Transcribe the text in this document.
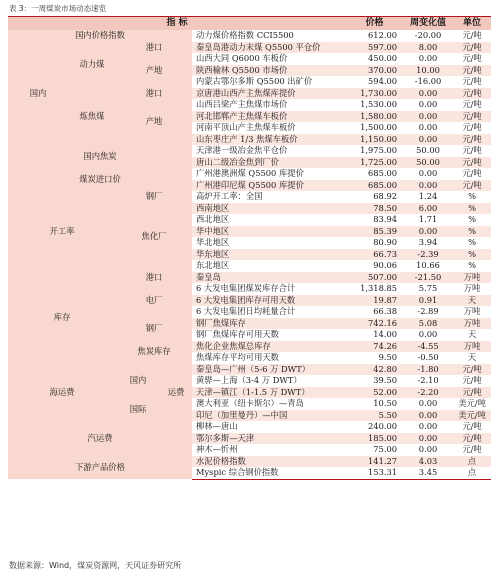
表 3：一周煤炭市场动态速览
指 标					价格	周变化值	单位
国内价格指数				动力煤价格指数 CCI5500	612.00	-20.00	元/吨
国内	动力煤	港口		秦皇岛港动力末煤 Q5500 平仓价	597.00	8.00	元/吨
		产地		山西大同 Q6000 车板价	450.00	0.00	元/吨
				陕西榆林 Q5500 市场价	370.00	10.00	元/吨
				内蒙古鄂尔多斯 Q5500 出矿价	594.00	-16.00	元/吨
	炼焦煤	港口		京唐港山西产主焦煤库提价	1,730.00	0.00	元/吨
		产地		山西吕梁产主焦煤市场价	1,530.00	0.00	元/吨
				河北邯郸产主焦煤车板价	1,580.00	0.00	元/吨
				河南平顶山产主焦煤车板价	1,500.00	0.00	元/吨
				山东枣庄产 1/3 焦煤车板价	1,150.00	0.00	元/吨
国内焦炭				天津港一级冶金焦平仓价	1,975.00	50.00	元/吨
				唐山二级冶金焦到厂价	1,725.00	50.00	元/吨
煤炭进口价				广州港澳洲煤 Q5500 库提价	685.00	0.00	元/吨
				广州港印尼煤 Q5500 库提价	685.00	0.00	元/吨
开工率		钢厂		高炉开工率：全国	68.92	1.24	%
		焦化厂		西南地区	78.50	6.00	%
				西北地区	83.94	1.71	%
				华中地区	85.39	0.00	%
				华北地区	80.90	3.94	%
				华东地区	66.73	-2.39	%
				东北地区	90.06	10.66	%
库存		港口		秦皇岛	507.00	-21.50	万吨
		电厂		6 大发电集团煤炭库存合计	1,318.85	5.75	万吨
				6 大发电集团库存可用天数	19.87	0.91	天
				6 大发电集团日均耗量合计	66.38	-2.89	万吨
		钢厂		钢厂焦煤库存	742.16	5.08	万吨
				钢厂焦煤库存可用天数	14.00	0.00	天
		焦炭库存		焦化企业焦煤总库存	74.26	-4.55	万吨
				焦煤库存平均可用天数	9.50	-0.50	天
海运费		国内	运费	秦皇岛—广州（5-6 万 DWT）	42.80	-1.80	元/吨
				黄骅—上海（3-4 万 DWT）	39.50	-2.10	元/吨
				天津—镇江（1-1.5 万 DWT）	52.00	-2.20	元/吨
		国际		澳大利亚（纽卡斯尔）—青岛	10.50	0.00	美元/吨
				印尼（加里曼丹）—中国	5.50	0.00	美元/吨
汽运费				柳林—唐山	240.00	0.00	元/吨
				鄂尔多斯—天津	185.00	0.00	元/吨
				神木—忻州	75.00	0.00	元/吨
下游产品价格				水泥价格指数	141.27	4.03	点
				Myspic 综合钢价指数	153.31	3.45	点
数据来源：Wind，煤炭资源网，天风证券研究所
